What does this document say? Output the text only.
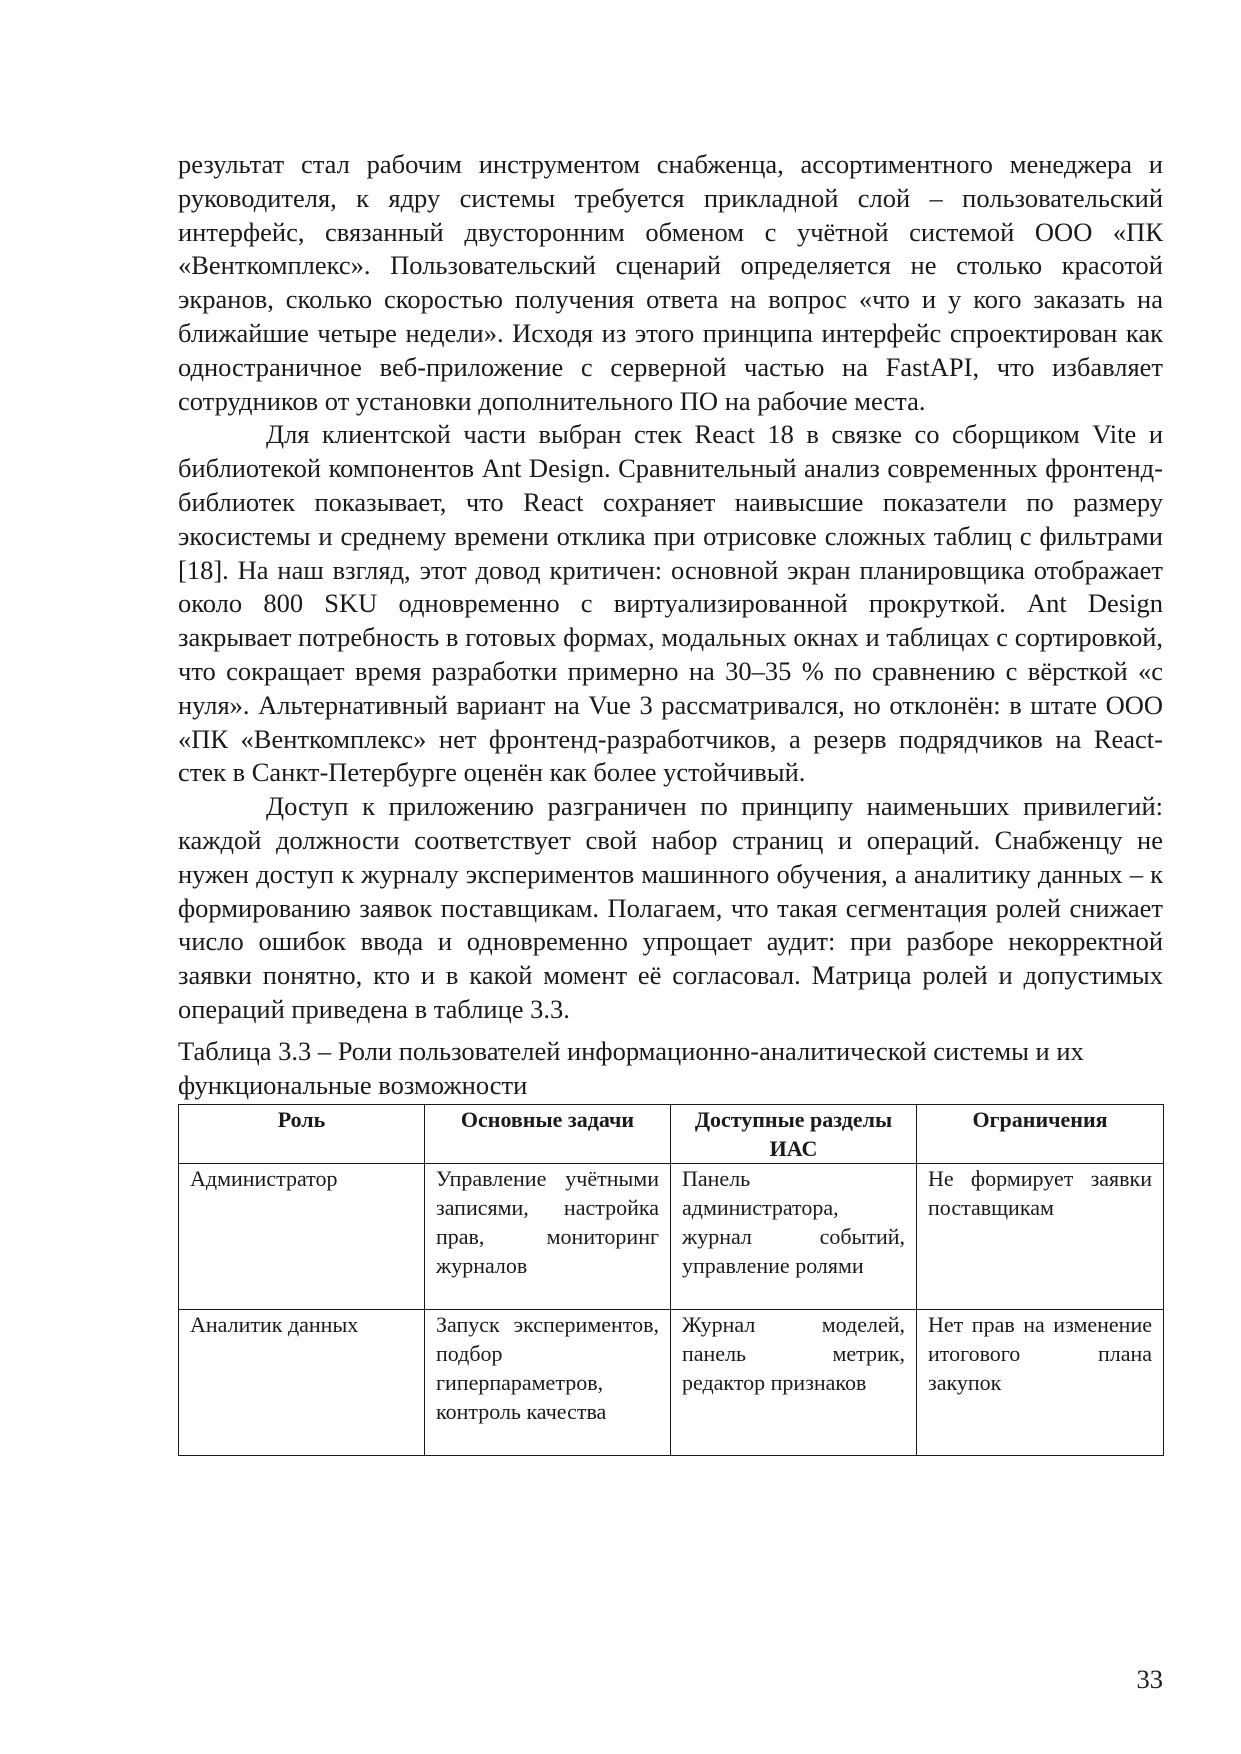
результат стал рабочим инструментом снабженца, ассортиментного менеджера и руководителя, к ядру системы требуется прикладной слой – пользовательский интерфейс, связанный двусторонним обменом с учётной системой ООО «ПК «Венткомплекс». Пользовательский сценарий определяется не столько красотой экранов, сколько скоростью получения ответа на вопрос «что и у кого заказать на ближайшие четыре недели». Исходя из этого принципа интерфейс спроектирован как одностраничное веб-приложение с серверной частью на FastAPI, что избавляет сотрудников от установки дополнительного ПО на рабочие места.

Для клиентской части выбран стек React 18 в связке со сборщиком Vite и библиотекой компонентов Ant Design. Сравнительный анализ современных фронтенд-библиотек показывает, что React сохраняет наивысшие показатели по размеру экосистемы и среднему времени отклика при отрисовке сложных таблиц с фильтрами [18]. На наш взгляд, этот довод критичен: основной экран планировщика отображает около 800 SKU одновременно с виртуализированной прокруткой. Ant Design закрывает потребность в готовых формах, модальных окнах и таблицах с сортировкой, что сокращает время разработки примерно на 30–35 % по сравнению с вёрсткой «с нуля». Альтернативный вариант на Vue 3 рассматривался, но отклонён: в штате ООО «ПК «Венткомплекс» нет фронтенд-разработчиков, а резерв подрядчиков на React-стек в Санкт-Петербурге оценён как более устойчивый.

Доступ к приложению разграничен по принципу наименьших привилегий: каждой должности соответствует свой набор страниц и операций. Снабженцу не нужен доступ к журналу экспериментов машинного обучения, а аналитику данных – к формированию заявок поставщикам. Полагаем, что такая сегментация ролей снижает число ошибок ввода и одновременно упрощает аудит: при разборе некорректной заявки понятно, кто и в какой момент её согласовал. Матрица ролей и допустимых операций приведена в таблице 3.3.

Таблица 3.3 – Роли пользователей информационно-аналитической системы и их функциональные возможности

Роль	Основные задачи	Доступные разделы ИАС	Ограничения
Администратор	Управление учётными записями, настройка прав, мониторинг журналов	Панель администратора, журнал событий, управление ролями	Не формирует заявки поставщикам
Аналитик данных	Запуск экспериментов, подбор гиперпараметров, контроль качества	Журнал моделей, панель метрик, редактор признаков	Нет прав на изменение итогового плана закупок
33
